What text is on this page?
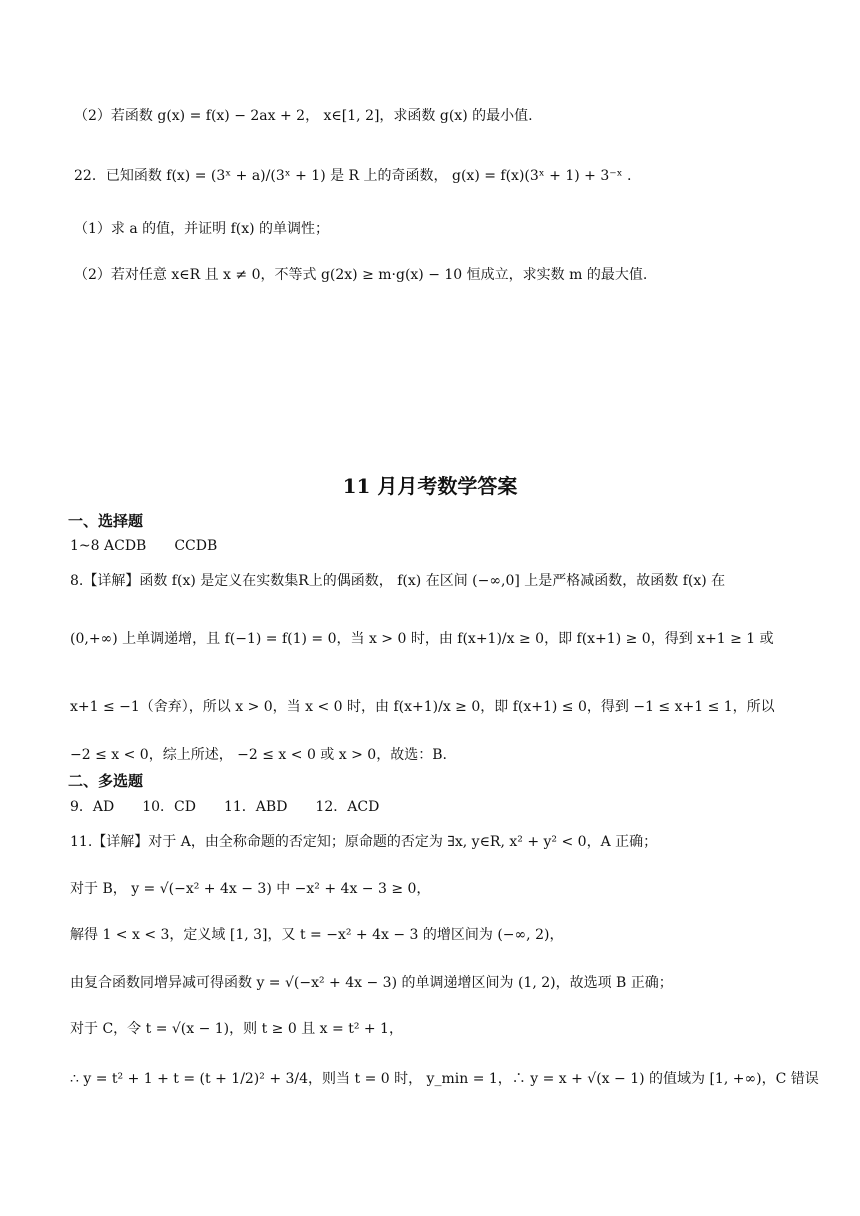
（2）若函数 g(x) = f(x) − 2ax + 2， x∈[1, 2]，求函数 g(x) 的最小值.
22．已知函数 f(x) = (3ˣ + a)/(3ˣ + 1) 是 R 上的奇函数， g(x) = f(x)(3ˣ + 1) + 3⁻ˣ .
（1）求 a 的值，并证明 f(x) 的单调性；
（2）若对任意 x∈R 且 x ≠ 0，不等式 g(2x) ≥ m·g(x) − 10 恒成立，求实数 m 的最大值.
11 月月考数学答案
一、选择题
1~8 ACDB　　CCDB
8.【详解】函数 f(x) 是定义在实数集R上的偶函数， f(x) 在区间 (−∞,0] 上是严格减函数，故函数 f(x) 在
(0,+∞) 上单调递增，且 f(−1) = f(1) = 0，当 x > 0 时，由 f(x+1)/x ≥ 0，即 f(x+1) ≥ 0，得到 x+1 ≥ 1 或
x+1 ≤ −1（舍弃），所以 x > 0，当 x < 0 时，由 f(x+1)/x ≥ 0，即 f(x+1) ≤ 0，得到 −1 ≤ x+1 ≤ 1，所以
−2 ≤ x < 0，综上所述， −2 ≤ x < 0 或 x > 0，故选：B.
二、多选题
9．AD　　10．CD　　11．ABD　　12．ACD
11.【详解】对于 A，由全称命题的否定知；原命题的否定为 ∃x, y∈R, x² + y² < 0，A 正确；
对于 B， y = √(−x² + 4x − 3) 中 −x² + 4x − 3 ≥ 0，
解得 1 < x < 3，定义域 [1, 3]，又 t = −x² + 4x − 3 的增区间为 (−∞, 2)，
由复合函数同增异减可得函数 y = √(−x² + 4x − 3) 的单调递增区间为 (1, 2)，故选项 B 正确；
对于 C，令 t = √(x − 1)，则 t ≥ 0 且 x = t² + 1，
∴ y = t² + 1 + t = (t + 1/2)² + 3/4，则当 t = 0 时， y_min = 1，∴ y = x + √(x − 1) 的值域为 [1, +∞)，C 错误
